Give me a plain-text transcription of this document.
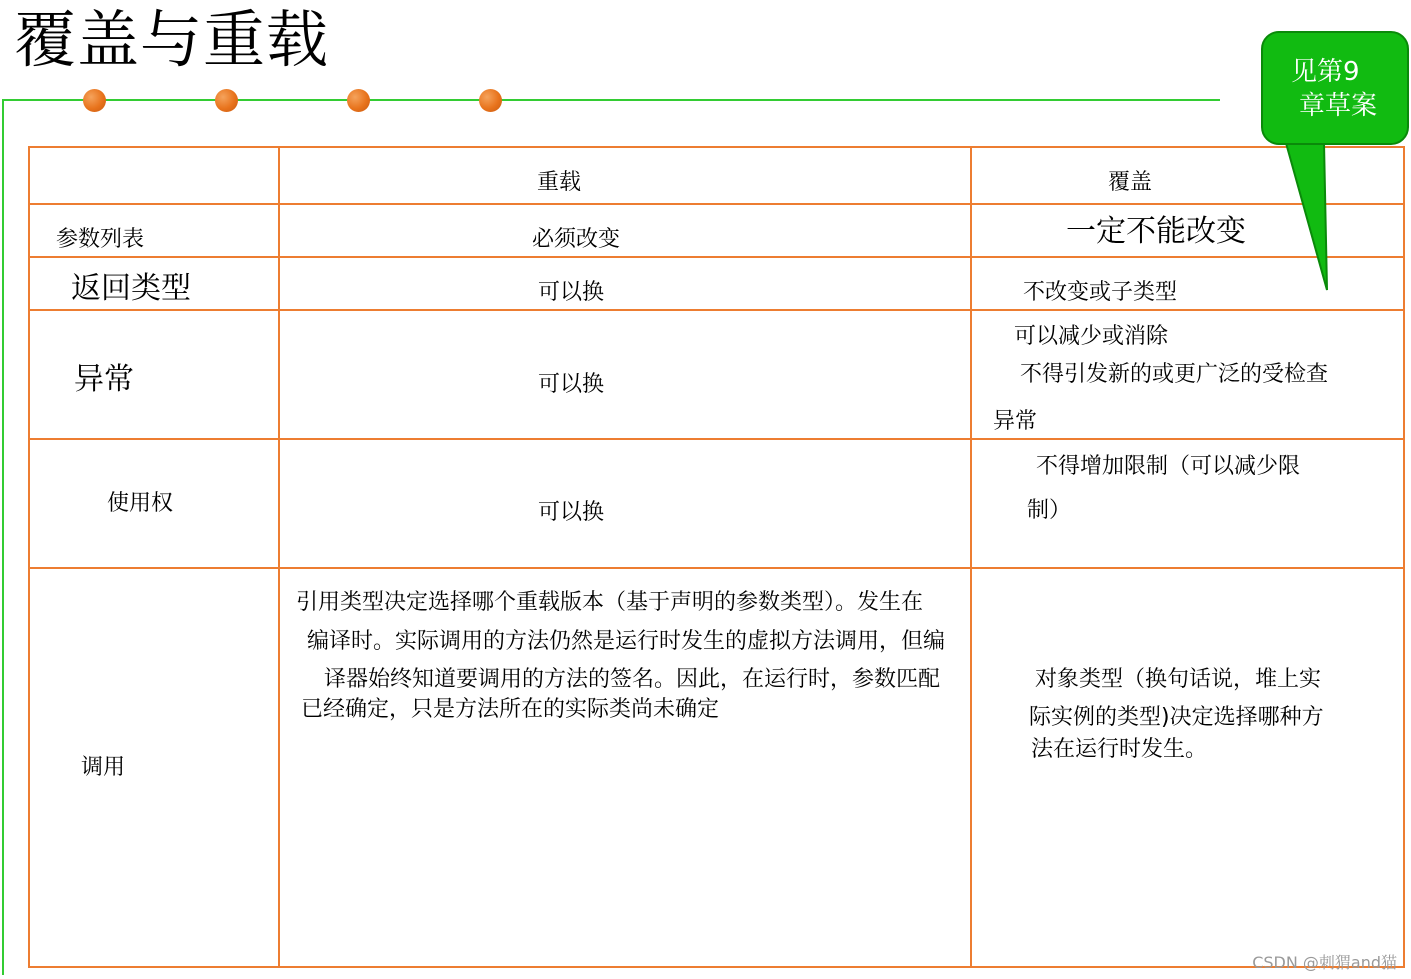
覆盖与重载	见第9
章草案

	重载	覆盖

参数列表	必须改变	一定不能改变

返回类型	可以换	不改变或子类型

异常	可以换	可以减少或消除
不得引发新的或更广泛的受检查
异常

使用权	可以换	不得增加限制（可以减少限
制）

调用	引用类型决定选择哪个重载版本（基于声明的参数类型）。发生在
编译时。实际调用的方法仍然是运行时发生的虚拟方法调用，但编
译器始终知道要调用的方法的签名。因此，在运行时，参数匹配
已经确定，只是方法所在的实际类尚未确定	对象类型（换句话说，堆上实
际实例的类型)决定选择哪种方
法在运行时发生。
CSDN @刺猬and猫
